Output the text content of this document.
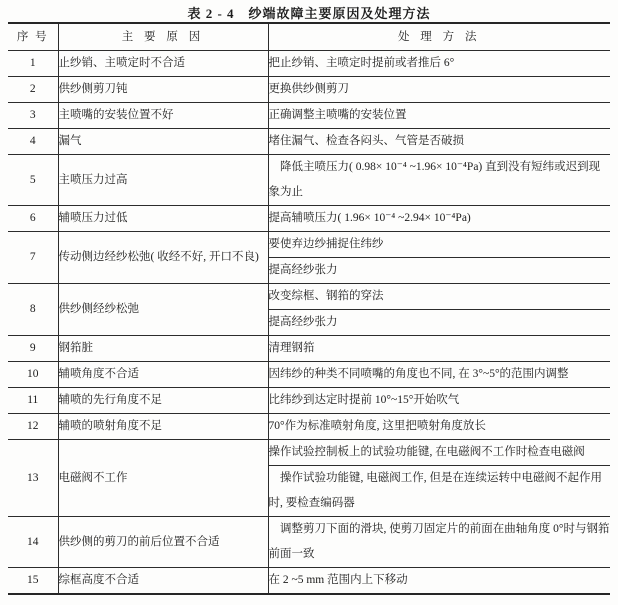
表 2 - 4　纱端故障主要原因及处理方法
序 号	主 要 原 因	处 理 方 法
1	止纱销、主喷定时不合适	把止纱销、主喷定时提前或者推后 6°
2	供纱侧剪刀钝	更换供纱侧剪刀
3	主喷嘴的安装位置不好	正确调整主喷嘴的安装位置
4	漏气	堵住漏气、检查各闷头、气管是否破损
5	主喷压力过高	　降低主喷压力( 0.98× 10⁻⁴ ~1.96× 10⁻⁴Pa) 直到没有短纬或迟到现象为止
6	辅喷压力过低	提高辅喷压力( 1.96× 10⁻⁴ ~2.94× 10⁻⁴Pa)
7	传动侧边经纱松弛( 收经不好, 开口不良)	要使弃边纱捕捉住纬纱
		提高经纱张力
8	供纱侧经纱松弛	改变综框、钢筘的穿法
		提高经纱张力
9	钢筘脏	清理钢筘
10	辅喷角度不合适	因纬纱的种类不同喷嘴的角度也不同, 在 3°~5°的范围内调整
11	辅喷的先行角度不足	比纬纱到达定时提前 10°~15°开始吹气
12	辅喷的喷射角度不足	70°作为标准喷射角度, 这里把喷射角度放长
13	电磁阀不工作	操作试验控制板上的试验功能键, 在电磁阀不工作时检查电磁阀
		　操作试验功能键, 电磁阀工作, 但是在连续运转中电磁阀不起作用时, 要检查编码器
14	供纱侧的剪刀的前后位置不合适	　调整剪刀下面的滑块, 使剪刀固定片的前面在曲轴角度 0°时与钢筘前面一致
15	综框高度不合适	在 2 ~5 mm 范围内上下移动
